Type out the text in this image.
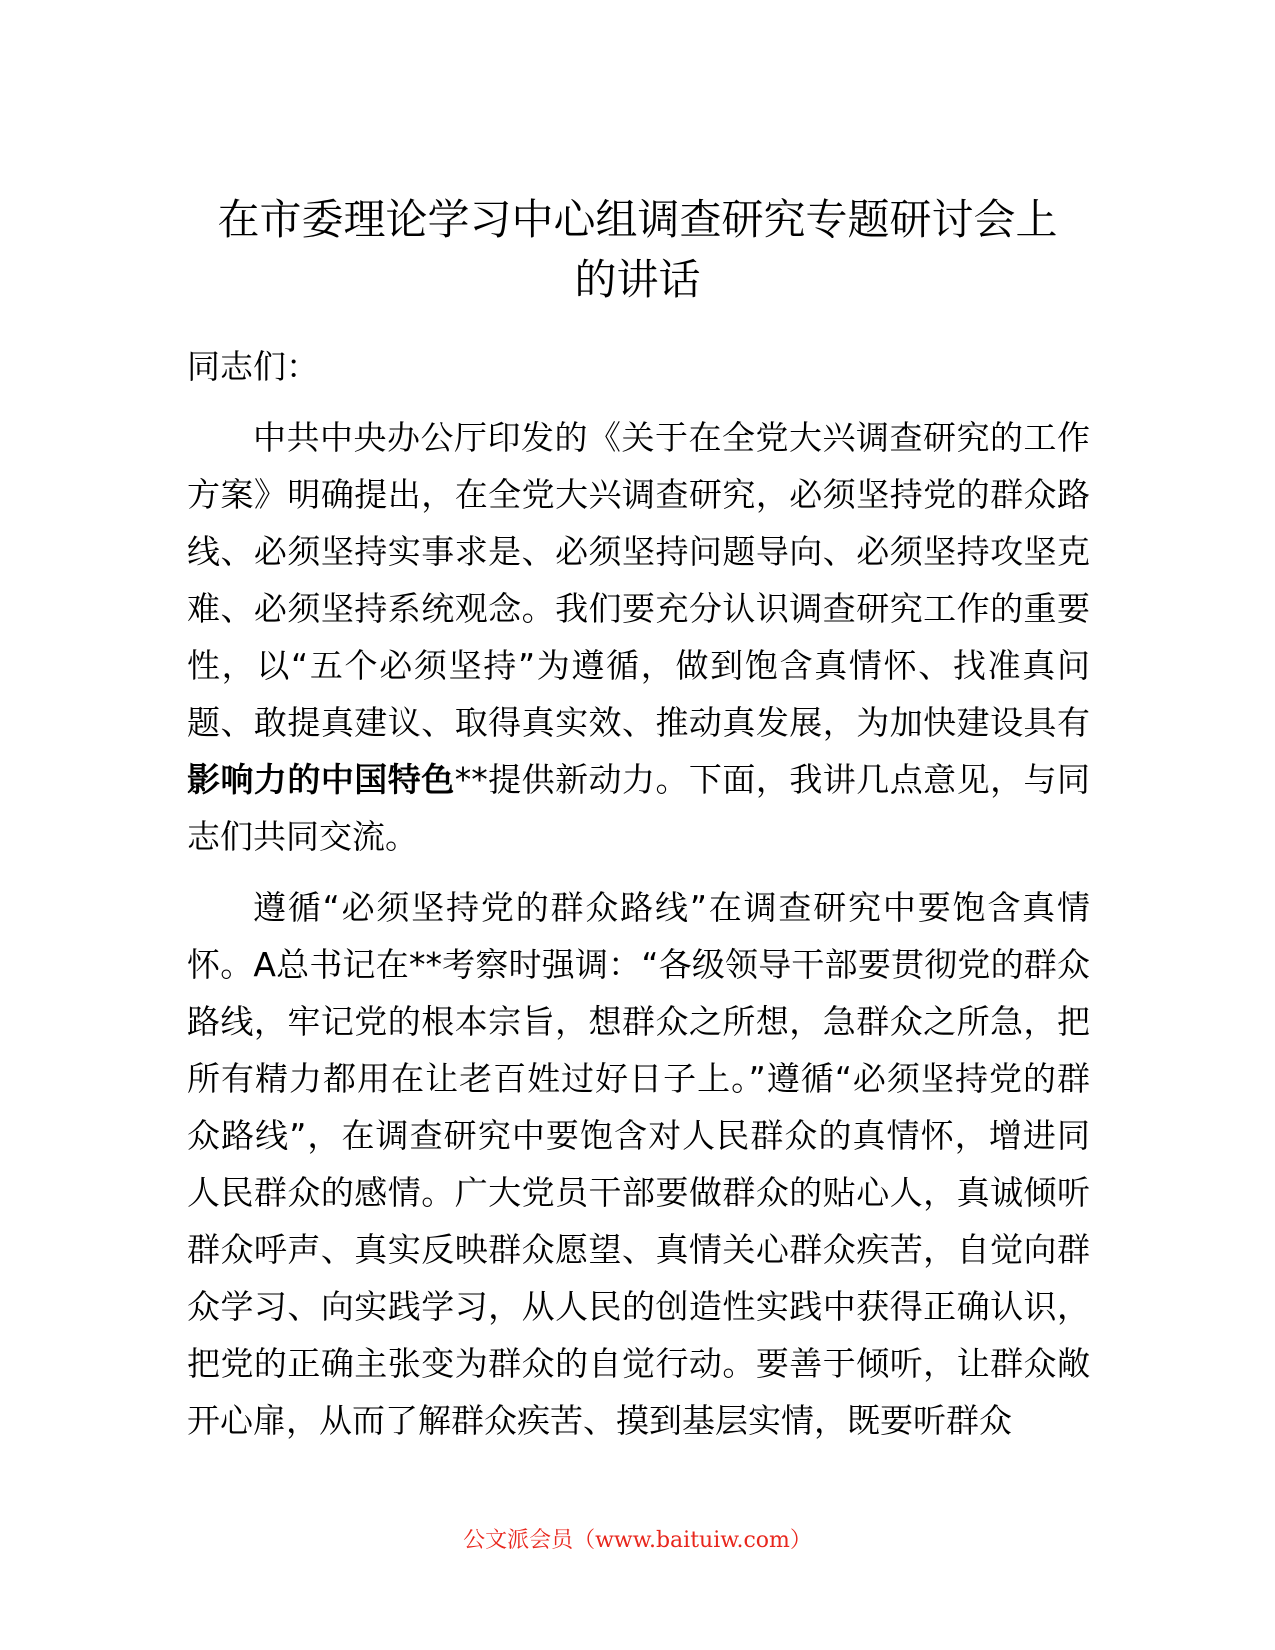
在市委理论学习中心组调查研究专题研讨会上
的讲话

同志们：

中共中央办公厅印发的《关于在全党大兴调查研究的工作方案》明确提出，在全党大兴调查研究，必须坚持党的群众路线、必须坚持实事求是、必须坚持问题导向、必须坚持攻坚克难、必须坚持系统观念。我们要充分认识调查研究工作的重要性，以“五个必须坚持”为遵循，做到饱含真情怀、找准真问题、敢提真建议、取得真实效、推动真发展，为加快建设具有影响力的中国特色**提供新动力。下面，我讲几点意见，与同志们共同交流。

遵循“必须坚持党的群众路线”在调查研究中要饱含真情怀。A总书记在**考察时强调：“各级领导干部要贯彻党的群众路线，牢记党的根本宗旨，想群众之所想，急群众之所急，把所有精力都用在让老百姓过好日子上。”遵循“必须坚持党的群众路线”，在调查研究中要饱含对人民群众的真情怀，增进同人民群众的感情。广大党员干部要做群众的贴心人，真诚倾听群众呼声、真实反映群众愿望、真情关心群众疾苦，自觉向群众学习、向实践学习，从人民的创造性实践中获得正确认识，把党的正确主张变为群众的自觉行动。要善于倾听，让群众敞开心扉，从而了解群众疾苦、摸到基层实情，既要听群众

公文派会员（www.baituiw.com）
